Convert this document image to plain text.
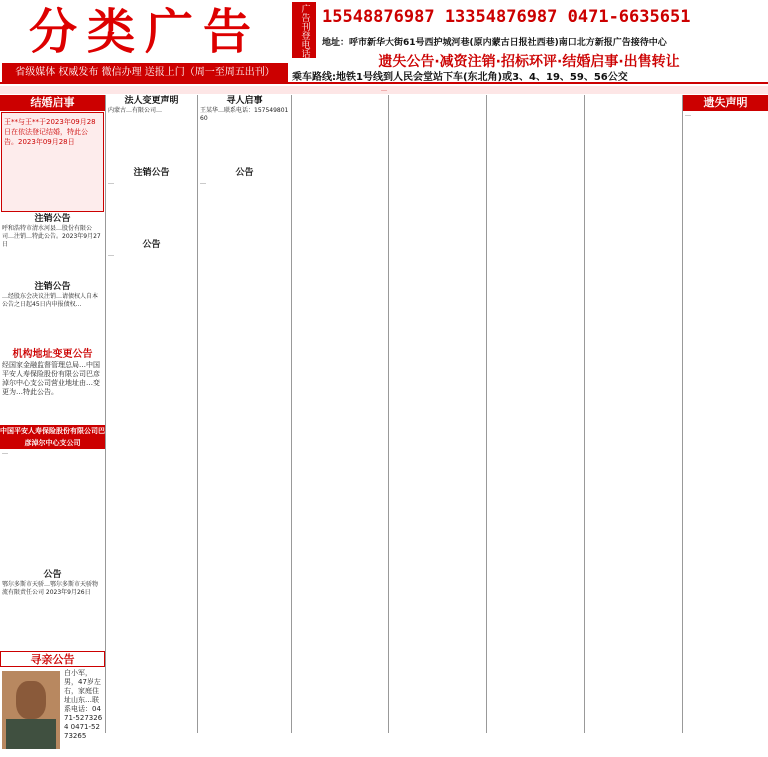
分类广告
省级媒体 权威发布 微信办理 送报上门（周一至周五出刊）
广告刊登电话 15548876987 13354876987 0471-6635651
地址：呼市新华大街61号西护城河巷(原内蒙古日报社西巷)南口北方新报广告接待中心
遗失公告·减资注销·招标环评·结婚启事·出售转让
乘车路线:地铁1号线到人民会堂站下车(东北角)或3、4、19、59、56公交
…
结婚启事
王**与王**于2023年09月28日在依法登记结婚，特此公告。2023年09月28日
注销公告
呼和浩特市清水河县…股份有限公司…注销…特此公告。2023年9月27日
注销公告
…经股东会决议注销…请债权人自本公告之日起45日内申报债权…
机构地址变更公告
经国家金融监督管理总局…中国平安人寿保险股份有限公司巴彦淖尔中心支公司营业地址由…变更为…特此公告。
中国平安人寿保险股份有限公司巴彦淖尔中心支公司
…
公告
鄂尔多斯市天骄…鄂尔多斯市天骄物流有限责任公司 2023年9月26日
寻亲公告
白小军，男，47岁左右，家庭住址山东…联系电话：0471-5273264 0471-5273265
法人变更声明
内蒙古…有限公司…
注销公告
…
公告
…
寻人启事
王某华…联系电话：15754980160
公告
…
遗失声明
…
